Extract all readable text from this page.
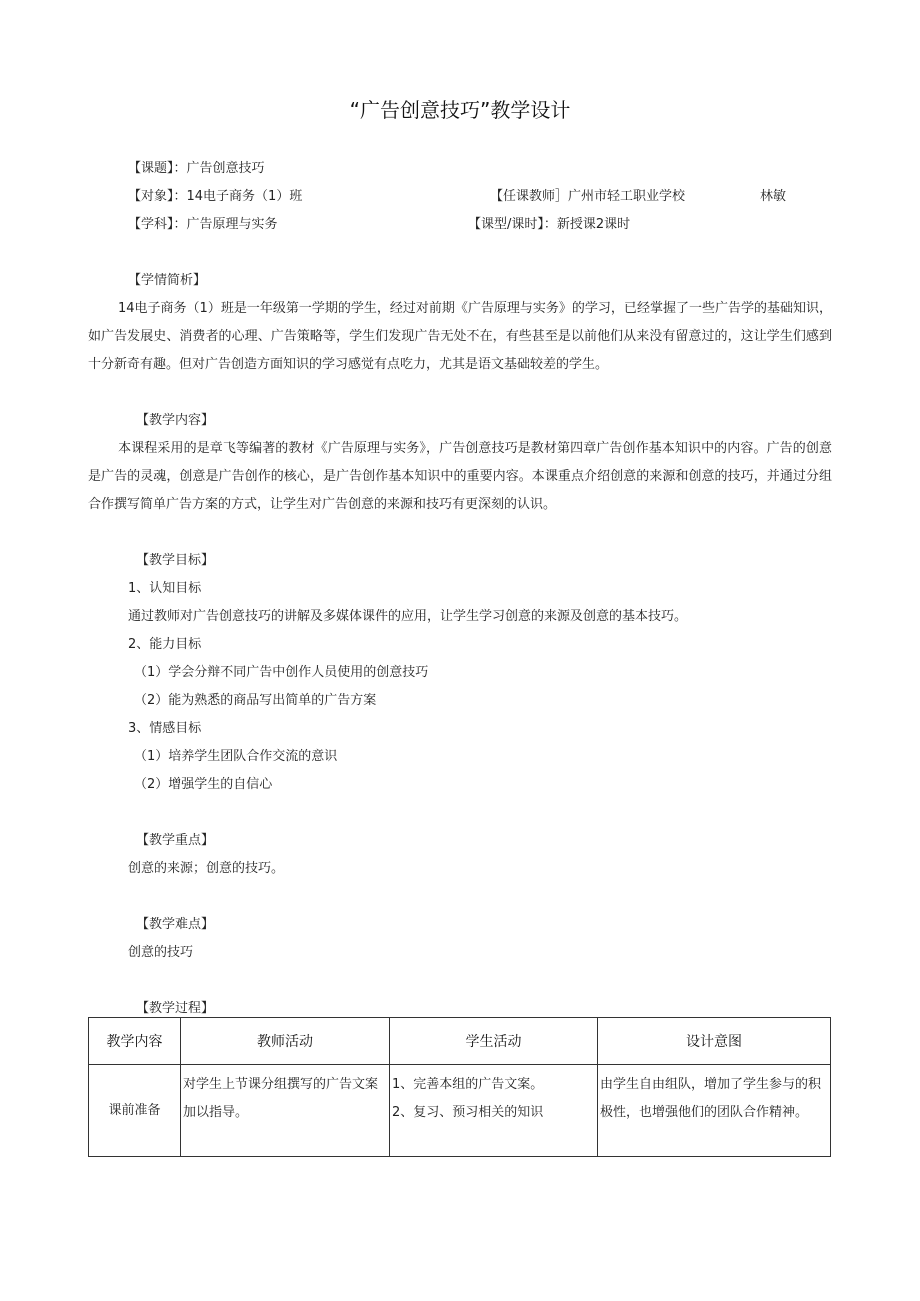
“广告创意技巧”教学设计
【课题】：广告创意技巧
【对象】：14电子商务（1）班	【任课教师］广州市轻工职业学校	林敏
【学科】：广告原理与实务	【课型/课时】：新授课2课时
【学情简析】

14电子商务（1）班是一年级第一学期的学生，经过对前期《广告原理与实务》的学习，已经掌握了一些广告学的基础知识，如广告发展史、消费者的心理、广告策略等，学生们发现广告无处不在，有些甚至是以前他们从来没有留意过的，这让学生们感到十分新奇有趣。但对广告创造方面知识的学习感觉有点吃力，尤其是语文基础较差的学生。

【教学内容】

本课程采用的是章飞等编著的教材《广告原理与实务》，广告创意技巧是教材第四章广告创作基本知识中的内容。广告的创意是广告的灵魂，创意是广告创作的核心，是广告创作基本知识中的重要内容。本课重点介绍创意的来源和创意的技巧，并通过分组合作撰写简单广告方案的方式，让学生对广告创意的来源和技巧有更深刻的认识。

【教学目标】
1、认知目标
通过教师对广告创意技巧的讲解及多媒体课件的应用，让学生学习创意的来源及创意的基本技巧。
2、能力目标
（1）学会分辩不同广告中创作人员使用的创意技巧
（2）能为熟悉的商品写出简单的广告方案
3、情感目标
（1）培养学生团队合作交流的意识
（2）增强学生的自信心
【教学重点】
创意的来源；创意的技巧。
【教学难点】
创意的技巧
【教学过程】
教学内容	教师活动	学生活动	设计意图
课前准备	对学生上节课分组撰写的广告文案加以指导。	1、完善本组的广告文案。
2、复习、预习相关的知识	由学生自由组队，增加了学生参与的积极性，也增强他们的团队合作精神。
